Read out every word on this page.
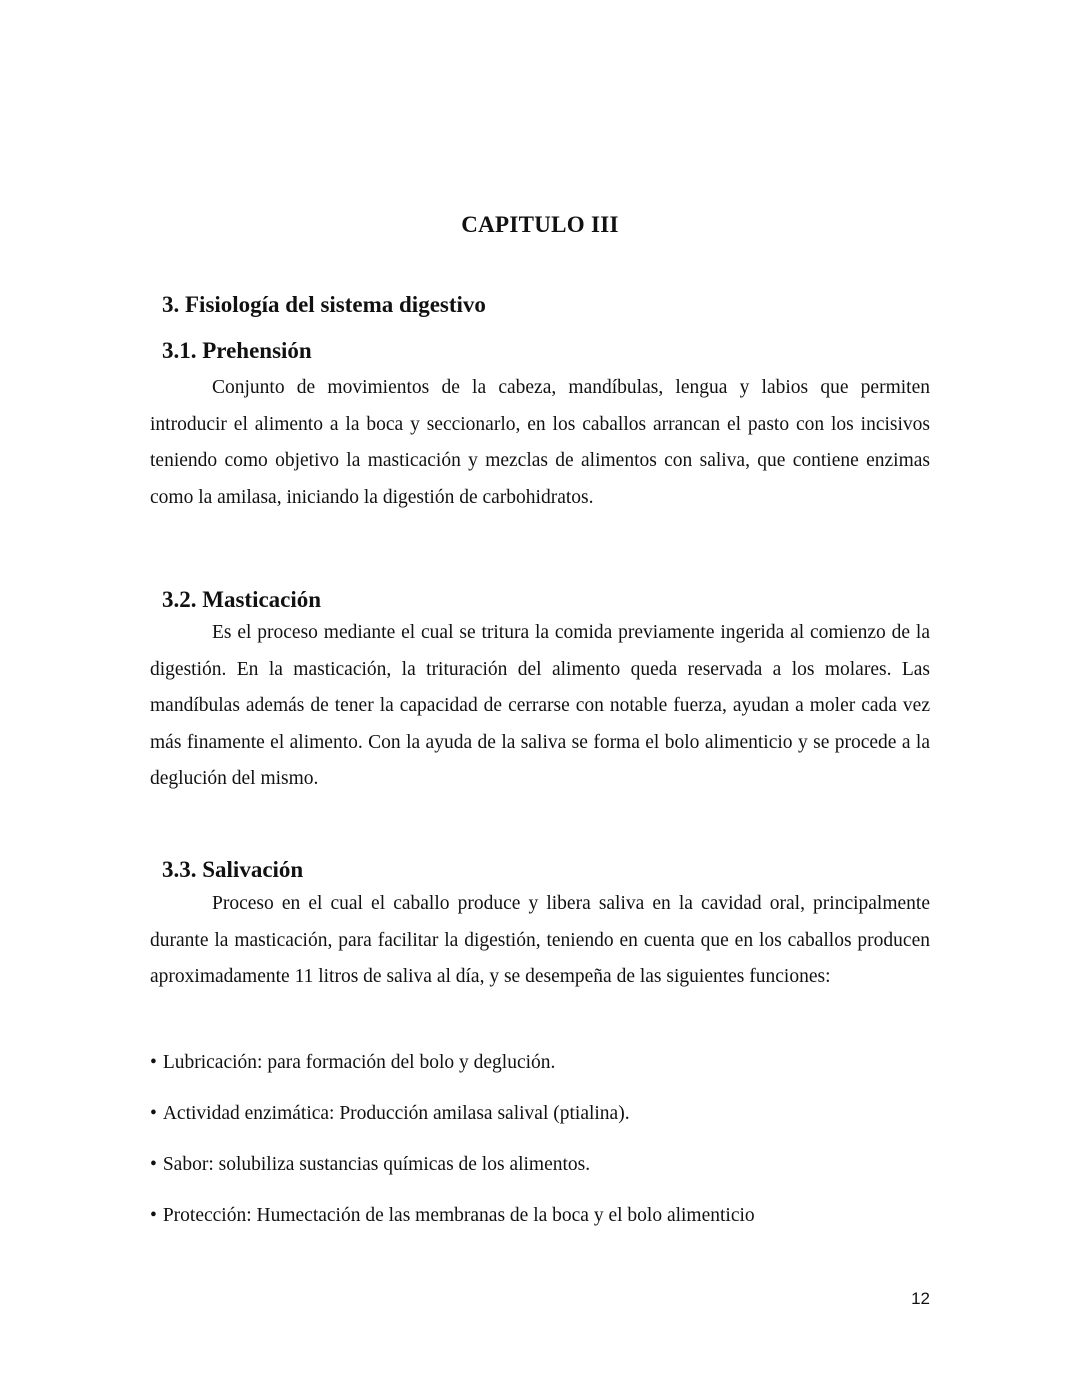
CAPITULO III
3. Fisiología del sistema digestivo
3.1. Prehensión

Conjunto de movimientos de la cabeza, mandíbulas, lengua y labios que permiten introducir el alimento a la boca y seccionarlo, en los caballos arrancan el pasto con los incisivos teniendo como objetivo la masticación y mezclas de alimentos con saliva, que contiene enzimas como la amilasa, iniciando la digestión de carbohidratos.

3.2. Masticación

Es el proceso mediante el cual se tritura la comida previamente ingerida al comienzo de la digestión. En la masticación, la trituración del alimento queda reservada a los molares. Las mandíbulas además de tener la capacidad de cerrarse con notable fuerza, ayudan a moler cada vez más finamente el alimento. Con la ayuda de la saliva se forma el bolo alimenticio y se procede a la deglución del mismo.

3.3. Salivación

Proceso en el cual el caballo produce y libera saliva en la cavidad oral, principalmente durante la masticación, para facilitar la digestión, teniendo en cuenta que en los caballos producen aproximadamente 11 litros de saliva al día, y se desempeña de las siguientes funciones:

• Lubricación: para formación del bolo y deglución.
• Actividad enzimática: Producción amilasa salival (ptialina).
• Sabor: solubiliza sustancias químicas de los alimentos.
• Protección: Humectación de las membranas de la boca y el bolo alimenticio
12
